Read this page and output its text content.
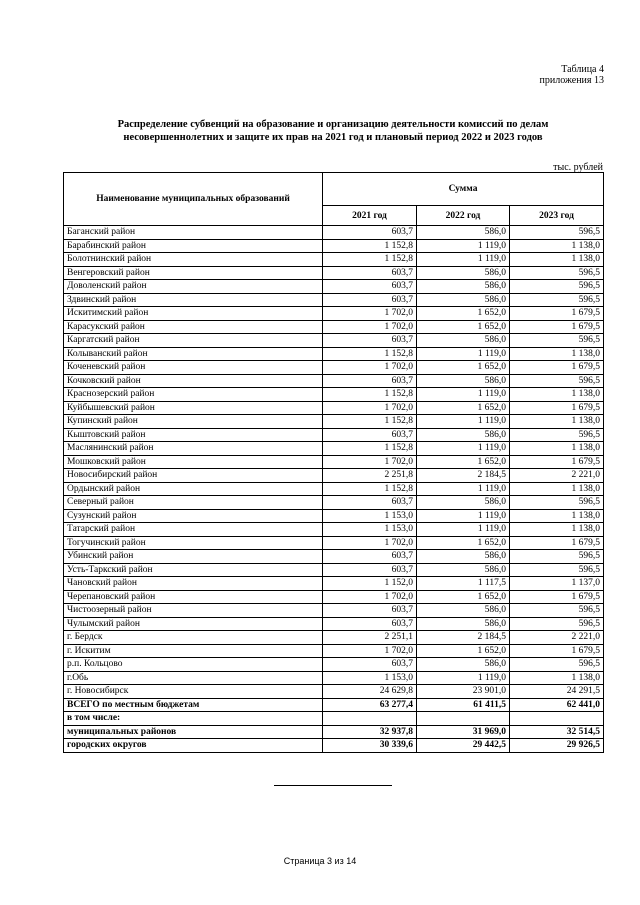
Таблица 4
приложения 13
Распределение субвенций на образование и организацию деятельности комиссий по делам несовершеннолетних и защите их прав на 2021 год и плановый период 2022 и 2023 годов
тыс. рублей
Наименование муниципальных образований	Сумма		
	2021 год	2022 год	2023 год
Баганский район	603,7	586,0	596,5
Барабинский район	1 152,8	1 119,0	1 138,0
Болотнинский район	1 152,8	1 119,0	1 138,0
Венгеровский район	603,7	586,0	596,5
Доволенский район	603,7	586,0	596,5
Здвинский район	603,7	586,0	596,5
Искитимский район	1 702,0	1 652,0	1 679,5
Карасукский район	1 702,0	1 652,0	1 679,5
Каргатский район	603,7	586,0	596,5
Колыванский район	1 152,8	1 119,0	1 138,0
Коченевский район	1 702,0	1 652,0	1 679,5
Кочковский район	603,7	586,0	596,5
Краснозерский район	1 152,8	1 119,0	1 138,0
Куйбышевский район	1 702,0	1 652,0	1 679,5
Купинский район	1 152,8	1 119,0	1 138,0
Кыштовский район	603,7	586,0	596,5
Маслянинский район	1 152,8	1 119,0	1 138,0
Мошковский район	1 702,0	1 652,0	1 679,5
Новосибирский район	2 251,8	2 184,5	2 221,0
Ордынский район	1 152,8	1 119,0	1 138,0
Северный район	603,7	586,0	596,5
Сузунский район	1 153,0	1 119,0	1 138,0
Татарский район	1 153,0	1 119,0	1 138,0
Тогучинский район	1 702,0	1 652,0	1 679,5
Убинский район	603,7	586,0	596,5
Усть-Таркский район	603,7	586,0	596,5
Чановский район	1 152,0	1 117,5	1 137,0
Черепановский район	1 702,0	1 652,0	1 679,5
Чистоозерный район	603,7	586,0	596,5
Чулымский район	603,7	586,0	596,5
г. Бердск	2 251,1	2 184,5	2 221,0
г. Искитим	1 702,0	1 652,0	1 679,5
р.п. Кольцово	603,7	586,0	596,5
г.Обь	1 153,0	1 119,0	1 138,0
г. Новосибирск	24 629,8	23 901,0	24 291,5
ВСЕГО по местным бюджетам	63 277,4	61 411,5	62 441,0
в том числе:			
муниципальных районов	32 937,8	31 969,0	32 514,5
городских округов	30 339,6	29 442,5	29 926,5
Страница 3 из 14
